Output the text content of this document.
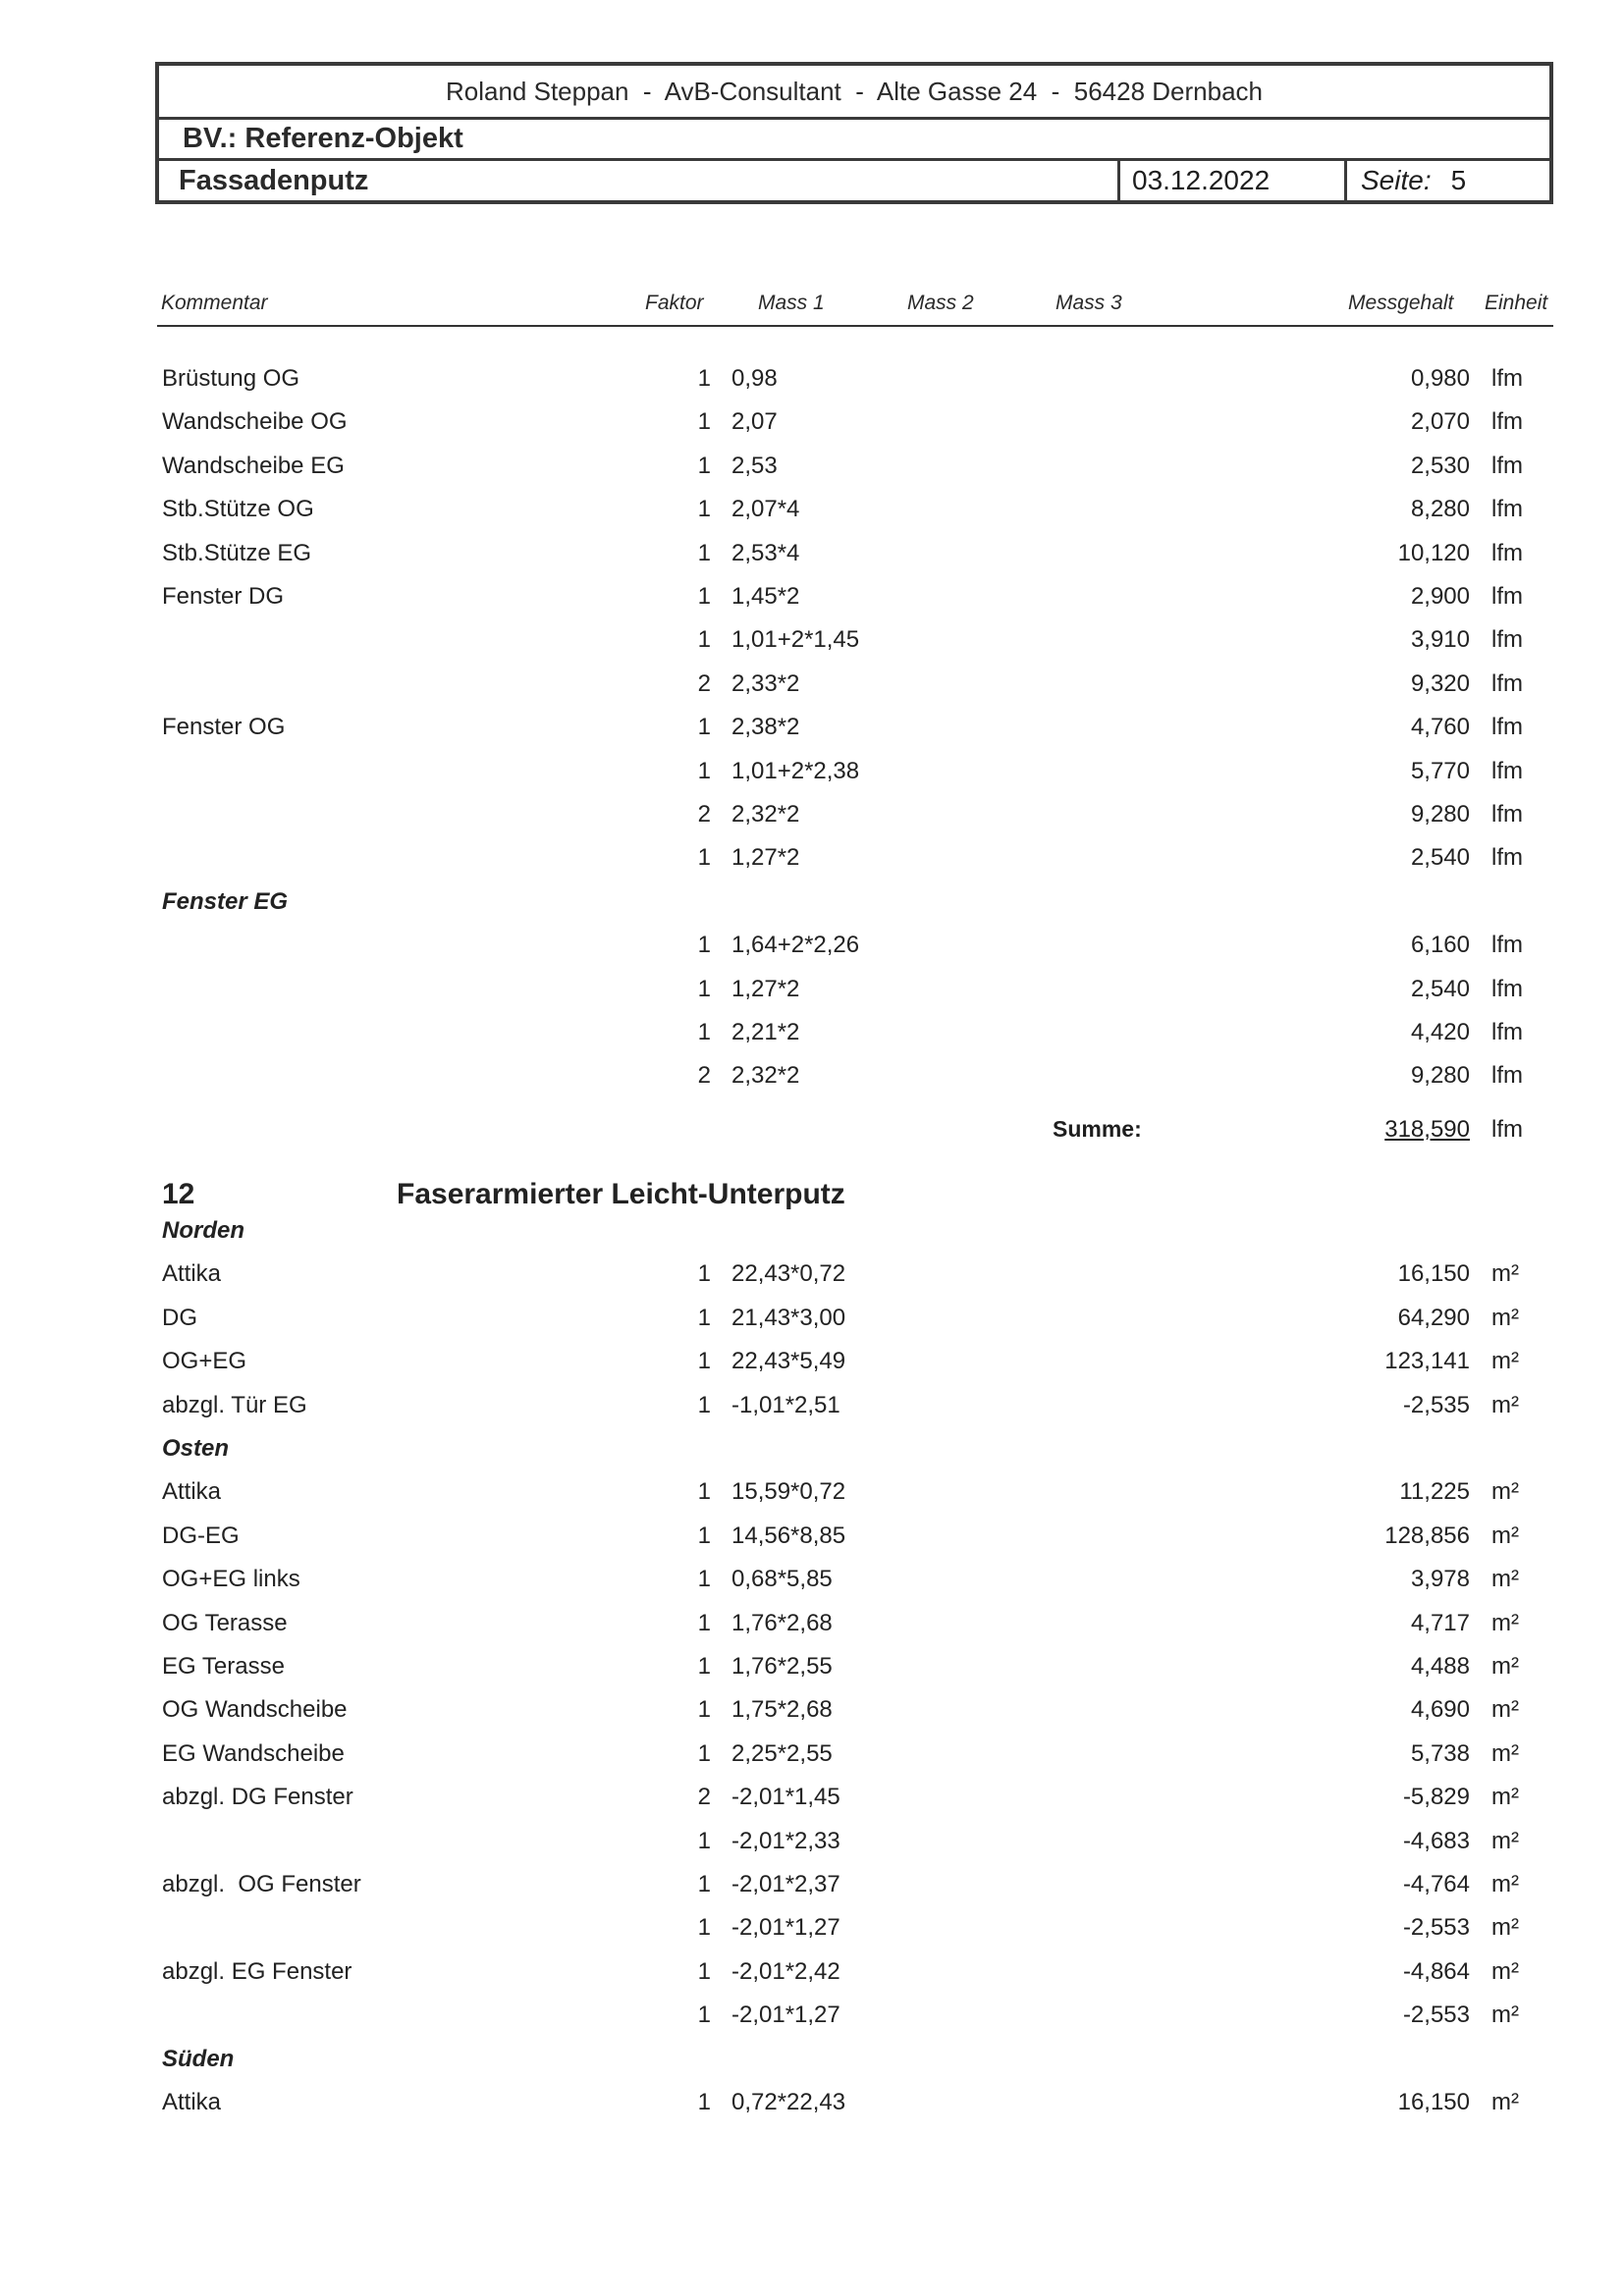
Roland Steppan  -  AvB-Consultant  -  Alte Gasse 24  -  56428 Dernbach
BV.: Referenz-Objekt
Fassadenputz	03.12.2022	Seite: 5
Kommentar	Faktor	Mass 1	Mass 2	Mass 3	Messgehalt Einheit
Brüstung OG	1 0,98	0,980 lfm
Wandscheibe OG	1 2,07	2,070 lfm
Wandscheibe EG	1 2,53	2,530 lfm
Stb.Stütze OG	1 2,07*4	8,280 lfm
Stb.Stütze EG	1 2,53*4	10,120 lfm
Fenster DG	1 1,45*2	2,900 lfm
1 1,01+2*1,45	3,910 lfm
2 2,33*2	9,320 lfm
Fenster OG	1 2,38*2	4,760 lfm
1 1,01+2*2,38	5,770 lfm
2 2,32*2	9,280 lfm
1 1,27*2	2,540 lfm
Fenster EG
1 1,64+2*2,26	6,160 lfm
1 1,27*2	2,540 lfm
1 2,21*2	4,420 lfm
2 2,32*2	9,280 lfm
Summe:	318,590 lfm
12	Faserarmierter Leicht-Unterputz
Norden
Attika	1 22,43*0,72	16,150 m²
DG	1 21,43*3,00	64,290 m²
OG+EG	1 22,43*5,49	123,141 m²
abzgl. Tür EG	1 -1,01*2,51	-2,535 m²
Osten
Attika	1 15,59*0,72	11,225 m²
DG-EG	1 14,56*8,85	128,856 m²
OG+EG links	1 0,68*5,85	3,978 m²
OG Terasse	1 1,76*2,68	4,717 m²
EG Terasse	1 1,76*2,55	4,488 m²
OG Wandscheibe	1 1,75*2,68	4,690 m²
EG Wandscheibe	1 2,25*2,55	5,738 m²
abzgl. DG Fenster	2 -2,01*1,45	-5,829 m²
1 -2,01*2,33	-4,683 m²
abzgl.  OG Fenster	1 -2,01*2,37	-4,764 m²
1 -2,01*1,27	-2,553 m²
abzgl. EG Fenster	1 -2,01*2,42	-4,864 m²
1 -2,01*1,27	-2,553 m²
Süden
Attika	1 0,72*22,43	16,150 m²
